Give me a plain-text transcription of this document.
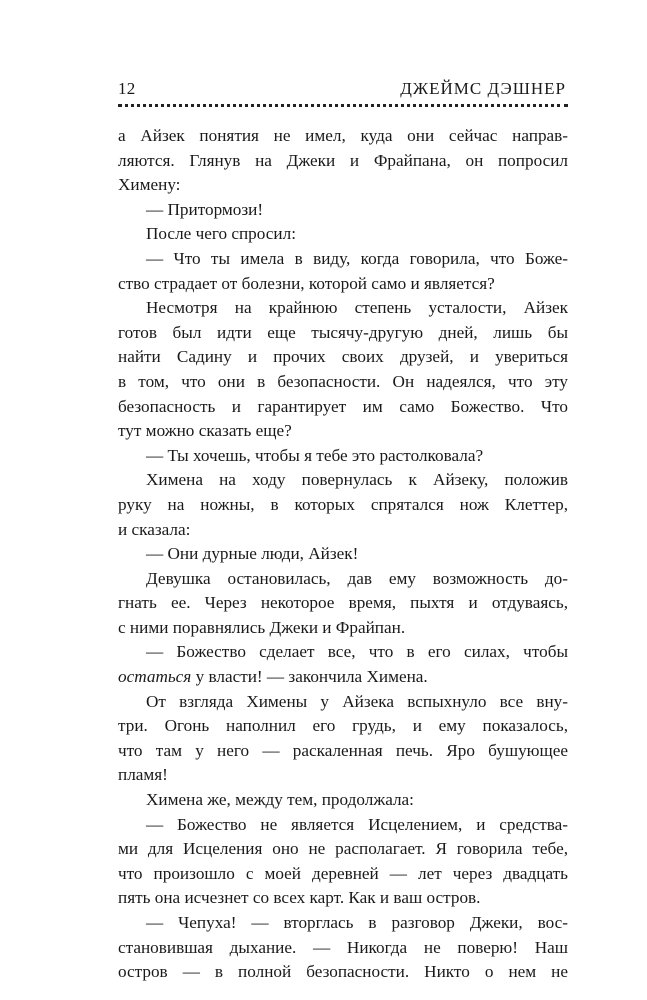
12	ДЖЕЙМС ДЭШНЕР
а Айзек понятия не имел, куда они сейчас направ-
ляются. Глянув на Джеки и Фрайпана, он попросил
Химену:
— Притормози!
После чего спросил:
— Что ты имела в виду, когда говорила, что Боже-
ство страдает от болезни, которой само и является?
Несмотря на крайнюю степень усталости, Айзек
готов был идти еще тысячу-другую дней, лишь бы
найти Садину и прочих своих друзей, и увериться
в том, что они в безопасности. Он надеялся, что эту
безопасность и гарантирует им само Божество. Что
тут можно сказать еще?
— Ты хочешь, чтобы я тебе это растолковала?
Химена на ходу повернулась к Айзеку, положив
руку на ножны, в которых спрятался нож Клеттер,
и сказала:
— Они дурные люди, Айзек!
Девушка остановилась, дав ему возможность до-
гнать ее. Через некоторое время, пыхтя и отдуваясь,
с ними поравнялись Джеки и Фрайпан.
— Божество сделает все, что в его силах, чтобы
остаться у власти! — закончила Химена.
От взгляда Химены у Айзека вспыхнуло все вну-
три. Огонь наполнил его грудь, и ему показалось,
что там у него — раскаленная печь. Яро бушующее
пламя!
Химена же, между тем, продолжала:
— Божество не является Исцелением, и средства-
ми для Исцеления оно не располагает. Я говорила тебе,
что произошло с моей деревней — лет через двадцать
пять она исчезнет со всех карт. Как и ваш остров.
— Чепуха! — вторглась в разговор Джеки, вос-
становившая дыхание. — Никогда не поверю! Наш
остров — в полной безопасности. Никто о нем не
